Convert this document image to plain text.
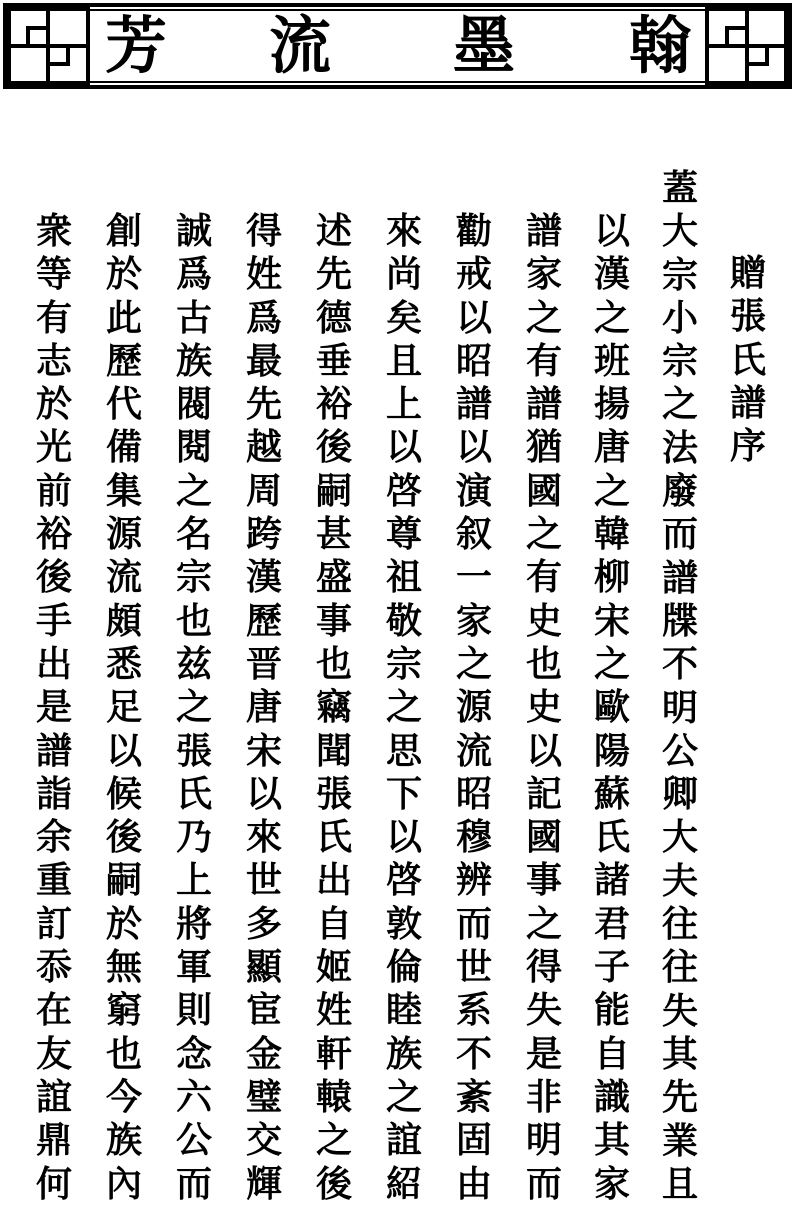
芳 流 墨 翰
贈張氏譜序
蓋大宗小宗之法廢而譜牒不明公卿大夫往往失其先業且
以漢之班揚唐之韓柳宋之歐陽蘇氏諸君子能自識其家
譜家之有譜猶國之有史也史以記國事之得失是非明而
勸戒以昭譜以演叙一家之源流昭穆辨而世系不紊固由
來尚矣且上以啓尊祖敬宗之思下以啓敦倫睦族之誼紹
述先德垂裕後嗣甚盛事也竊聞張氏出自姬姓軒轅之後
得姓爲最先越周跨漢歷晋唐宋以來世多顯宦金璧交輝
誠爲古族閥閱之名宗也兹之張氏乃上將軍則念六公而
創於此歷代備集源流頗悉足以候後嗣於無窮也今族內
衆等有志於光前裕後手出是譜詣余重訂忝在友誼鼎何
